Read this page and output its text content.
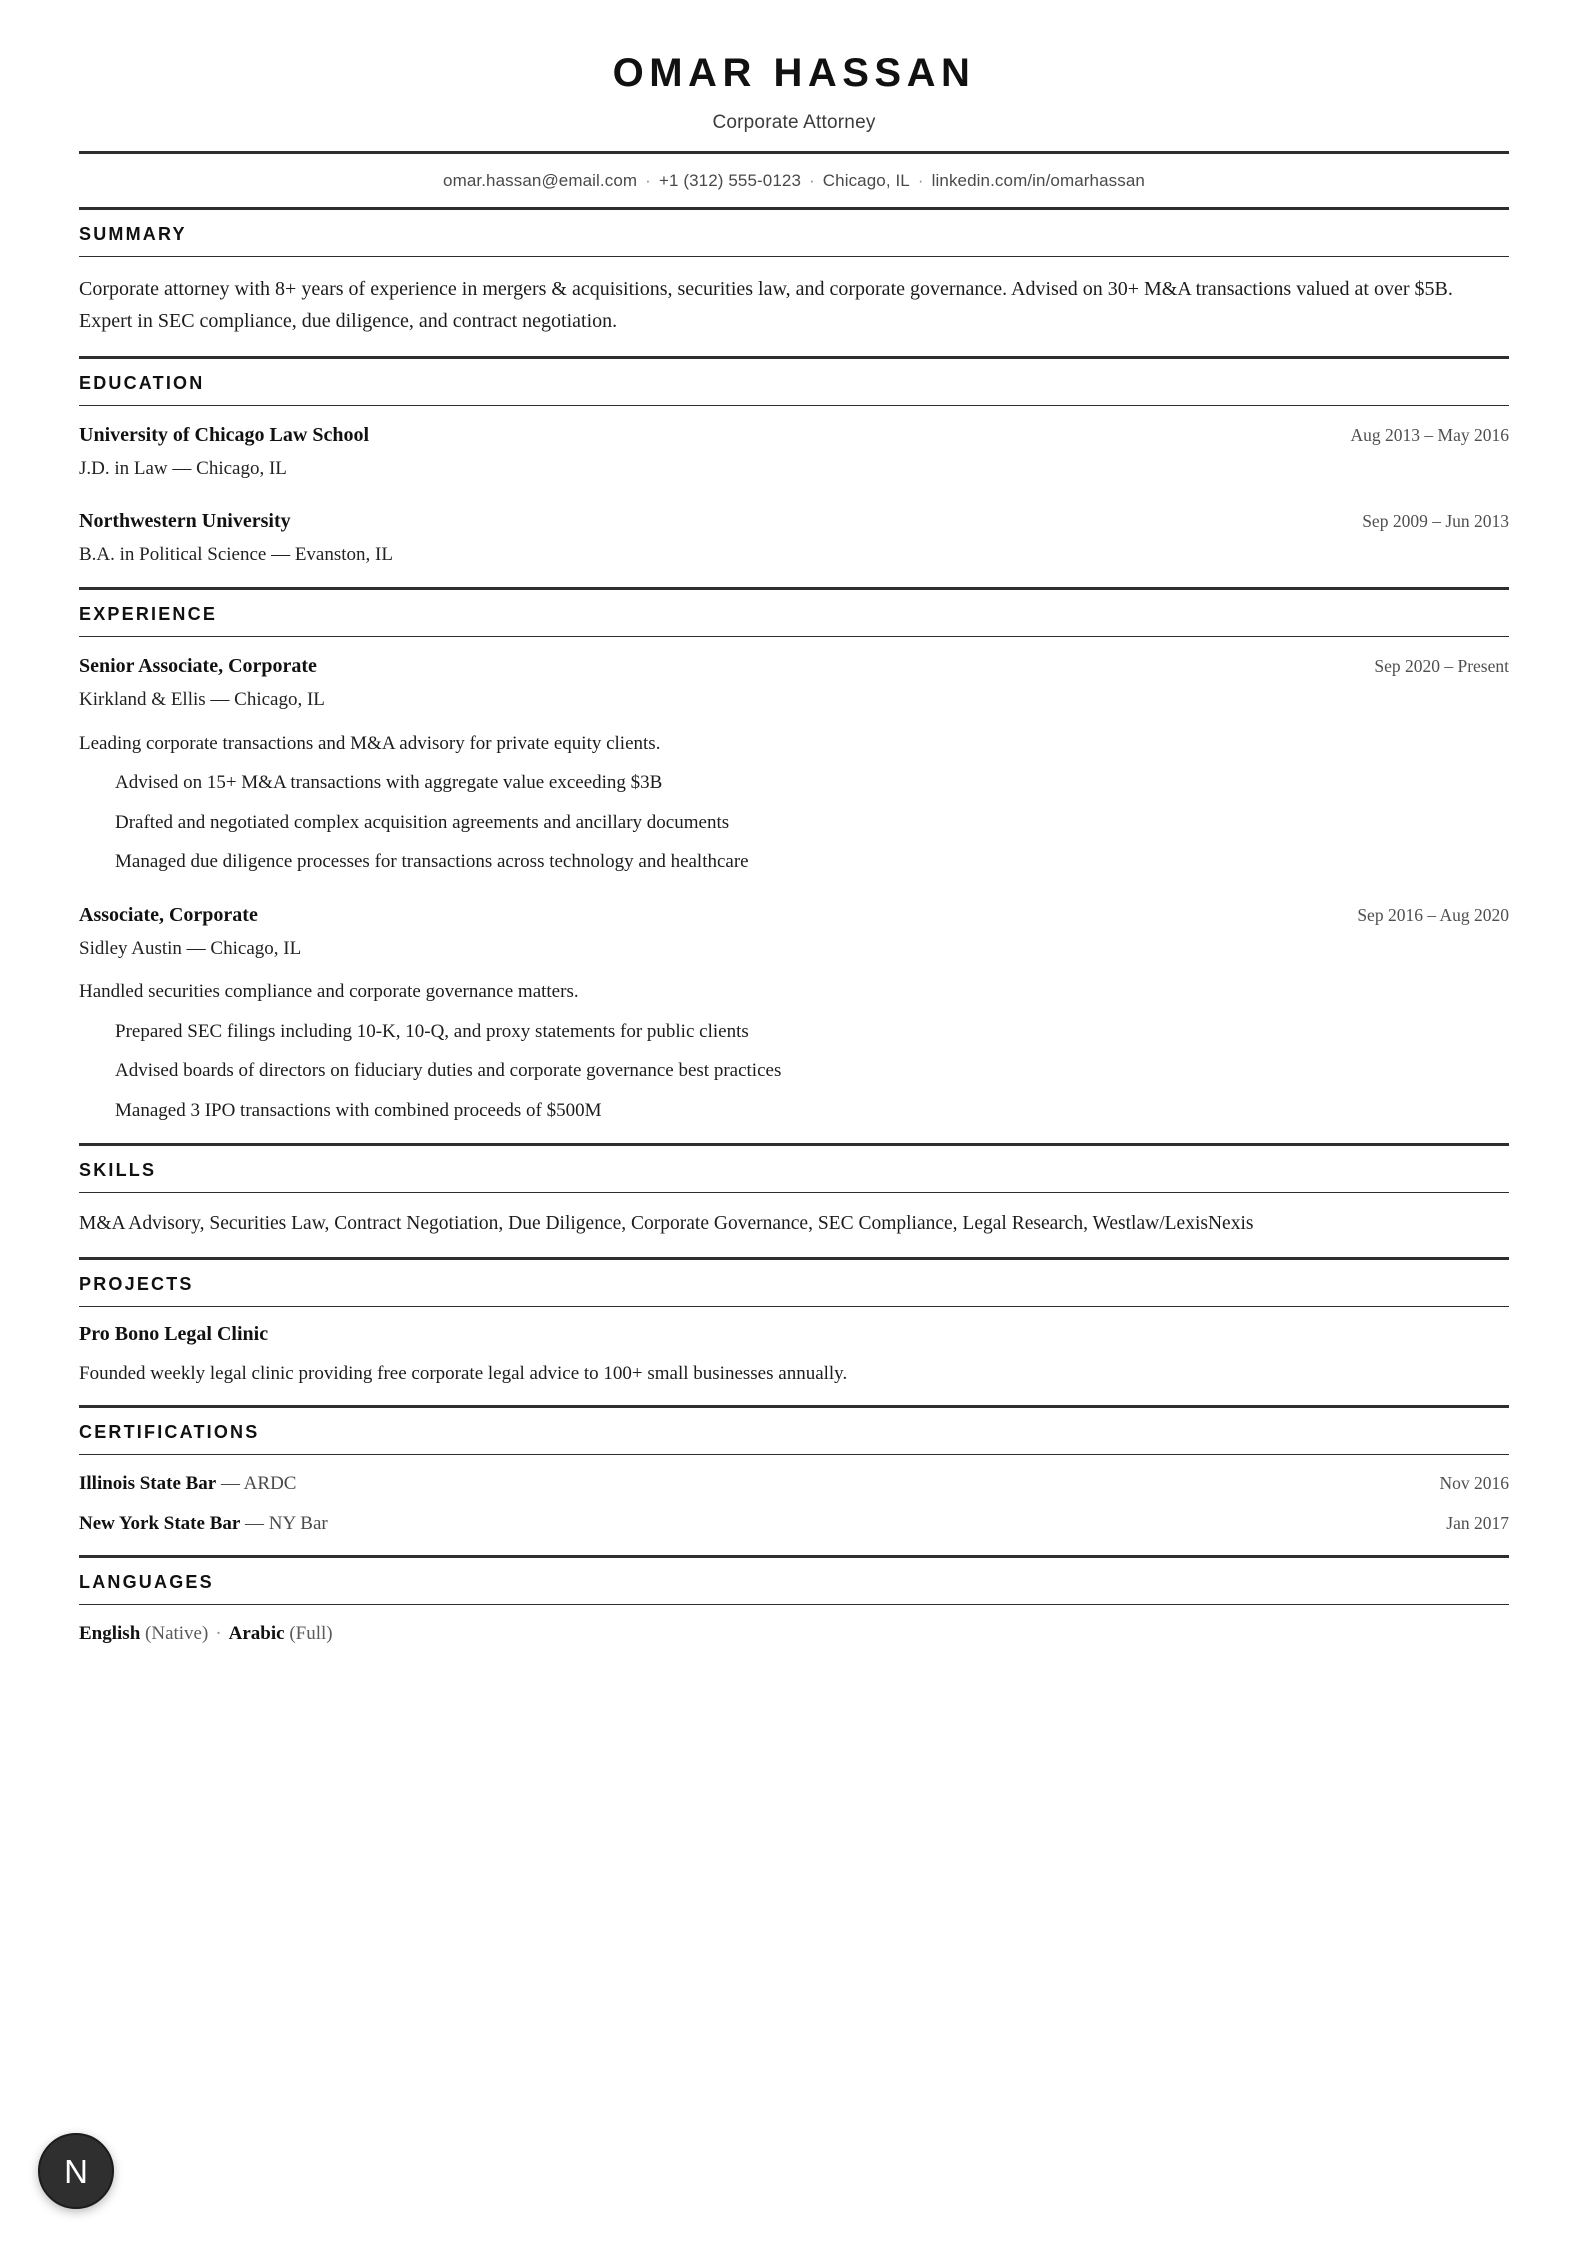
OMAR HASSAN
Corporate Attorney
omar.hassan@email.com · +1 (312) 555-0123 · Chicago, IL · linkedin.com/in/omarhassan
SUMMARY
Corporate attorney with 8+ years of experience in mergers & acquisitions, securities law, and corporate governance. Advised on 30+ M&A transactions valued at over $5B. Expert in SEC compliance, due diligence, and contract negotiation.
EDUCATION
University of Chicago Law School	Aug 2013 – May 2016
J.D. in Law — Chicago, IL
Northwestern University	Sep 2009 – Jun 2013
B.A. in Political Science — Evanston, IL
EXPERIENCE
Senior Associate, Corporate	Sep 2020 – Present
Kirkland & Ellis — Chicago, IL
Leading corporate transactions and M&A advisory for private equity clients.
Advised on 15+ M&A transactions with aggregate value exceeding $3B
Drafted and negotiated complex acquisition agreements and ancillary documents
Managed due diligence processes for transactions across technology and healthcare
Associate, Corporate	Sep 2016 – Aug 2020
Sidley Austin — Chicago, IL
Handled securities compliance and corporate governance matters.
Prepared SEC filings including 10-K, 10-Q, and proxy statements for public clients
Advised boards of directors on fiduciary duties and corporate governance best practices
Managed 3 IPO transactions with combined proceeds of $500M
SKILLS
M&A Advisory, Securities Law, Contract Negotiation, Due Diligence, Corporate Governance, SEC Compliance, Legal Research, Westlaw/LexisNexis
PROJECTS
Pro Bono Legal Clinic
Founded weekly legal clinic providing free corporate legal advice to 100+ small businesses annually.
CERTIFICATIONS
Illinois State Bar — ARDC	Nov 2016
New York State Bar — NY Bar	Jan 2017
LANGUAGES
English (Native) · Arabic (Full)
N
